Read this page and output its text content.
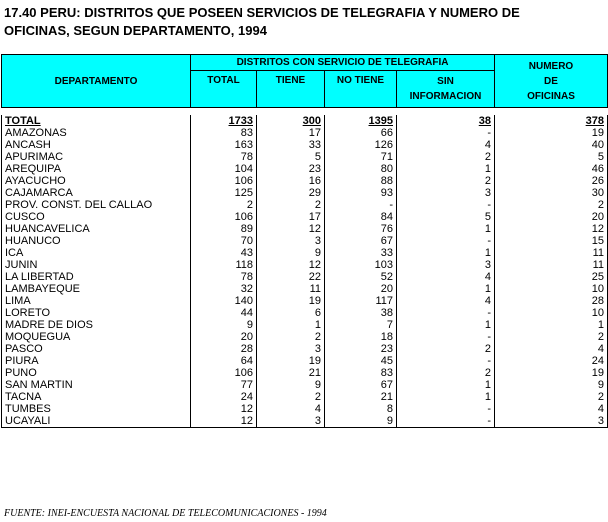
17.40 PERU: DISTRITOS QUE POSEEN SERVICIOS DE TELEGRAFIA Y NUMERO DE
OFICINAS, SEGUN DEPARTAMENTO, 1994
DEPARTAMENTO	DISTRITOS CON SERVICIO DE TELEGRAFIA				NUMERO
DE
OFICINAS

	TOTAL	TIENE	NO TIENE	SIN
INFORMACION	

TOTAL	1733	300	1395	38	378
AMAZONAS	83	17	66	-	19
ANCASH	163	33	126	4	40
APURIMAC	78	5	71	2	5
AREQUIPA	104	23	80	1	46
AYACUCHO	106	16	88	2	26
CAJAMARCA	125	29	93	3	30
PROV. CONST. DEL CALLAO	2	2	-	-	2
CUSCO	106	17	84	5	20
HUANCAVELICA	89	12	76	1	12
HUANUCO	70	3	67	-	15
ICA	43	9	33	1	11
JUNIN	118	12	103	3	11
LA LIBERTAD	78	22	52	4	25
LAMBAYEQUE	32	11	20	1	10
LIMA	140	19	117	4	28
LORETO	44	6	38	-	10
MADRE DE DIOS	9	1	7	1	1
MOQUEGUA	20	2	18	-	2
PASCO	28	3	23	2	4
PIURA	64	19	45	-	24
PUNO	106	21	83	2	19
SAN MARTIN	77	9	67	1	9
TACNA	24	2	21	1	2
TUMBES	12	4	8	-	4
UCAYALI	12	3	9	-	3

FUENTE: INEI-ENCUESTA NACIONAL DE TELECOMUNICACIONES - 1994
